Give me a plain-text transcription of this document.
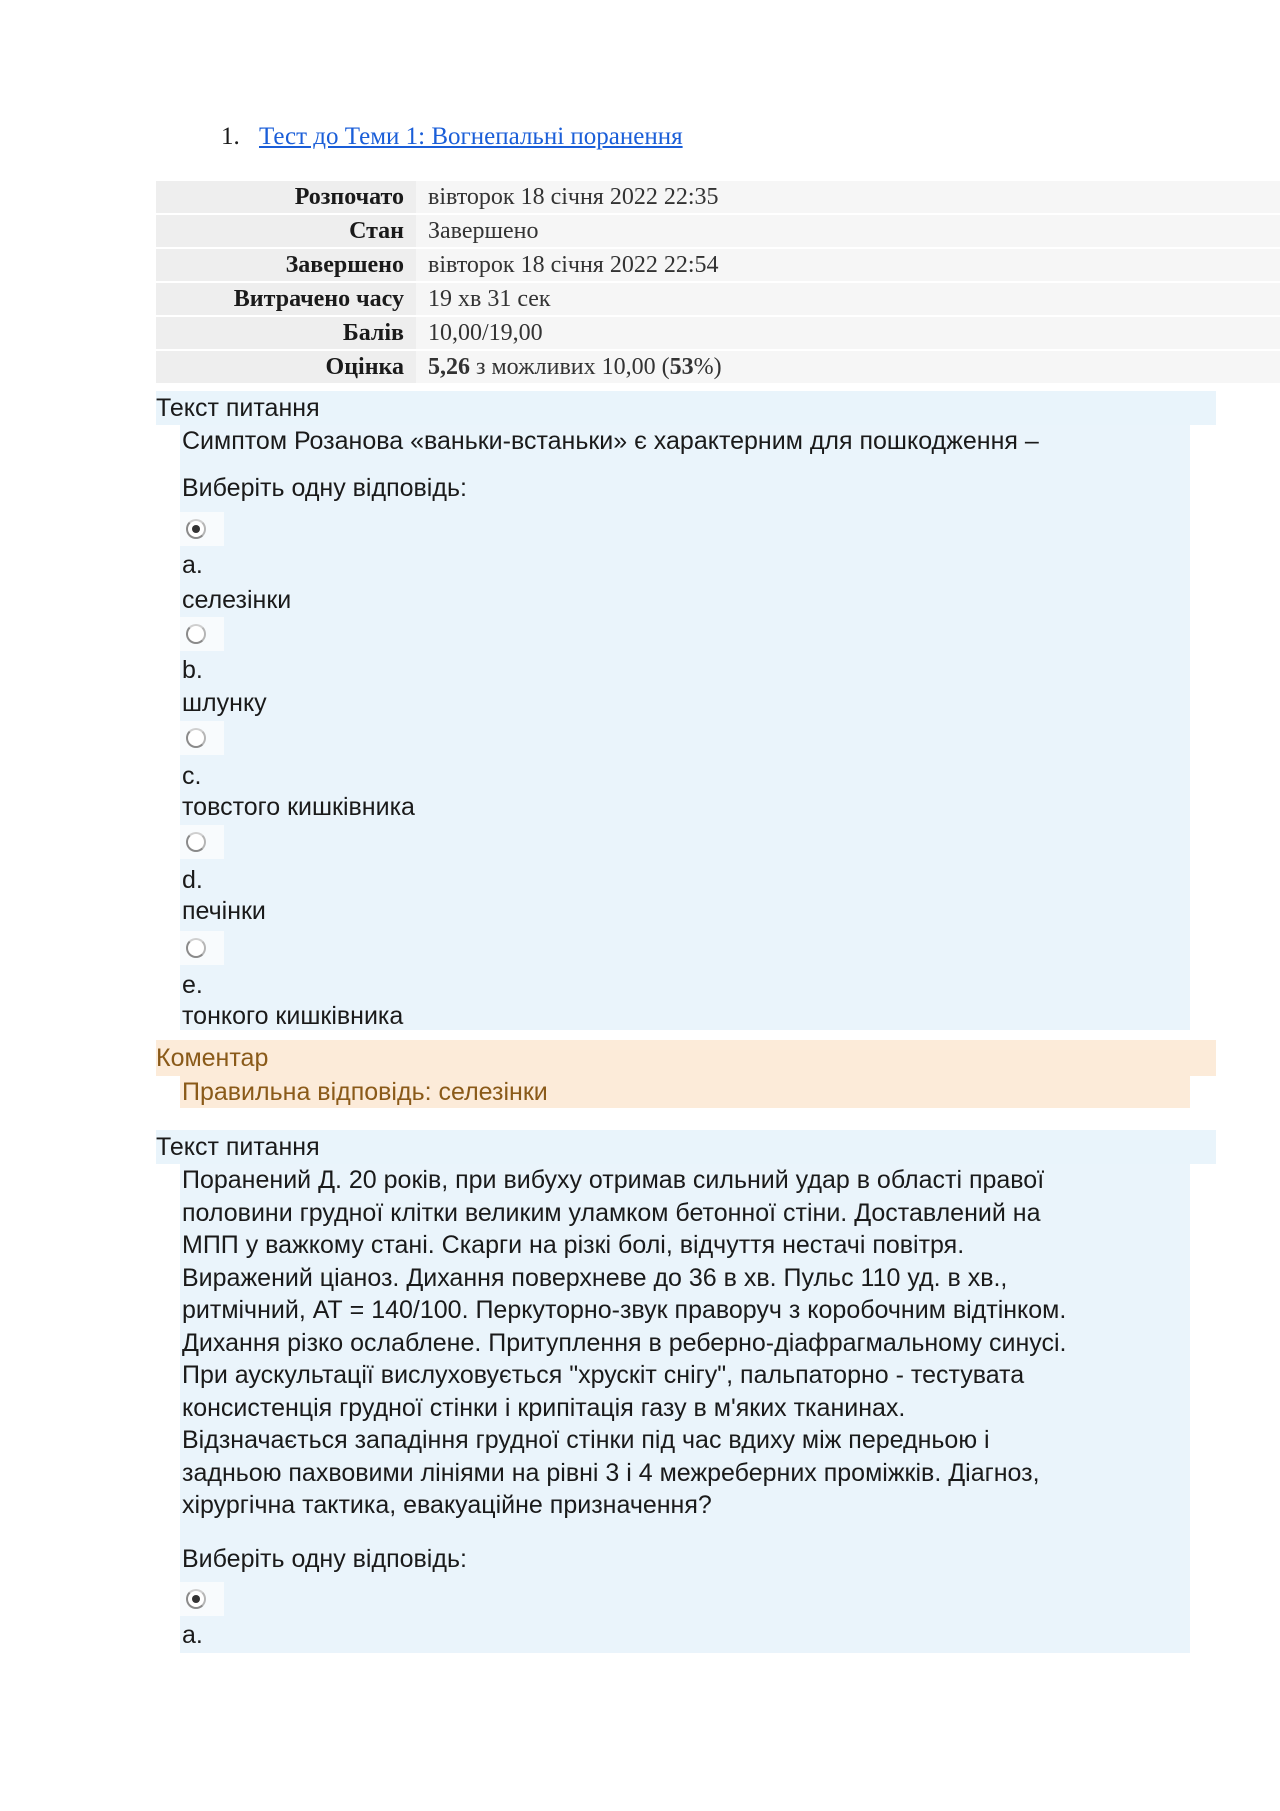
1. Тест до Теми 1: Вогнепальні поранення
Розпочато	вівторок 18 січня 2022 22:35
Стан	Завершено
Завершено	вівторок 18 січня 2022 22:54
Витрачено часу	19 хв 31 сек
Балів	10,00/19,00
Оцінка	5,26 з можливих 10,00 (53%)
Текст питання
Симптом Розанова «ваньки-встаньки» є характерним для пошкодження –
Виберіть одну відповідь:
a.
селезінки
b.
шлунку
c.
товстого кишківника
d.
печінки
e.
тонкого кишківника
Коментар
Правильна відповідь: селезінки
Текст питання
Поранений Д. 20 років, при вибуху отримав сильний удар в області правої
половини грудної клітки великим уламком бетонної стіни. Доставлений на
МПП у важкому стані. Скарги на різкі болі, відчуття нестачі повітря.
Виражений ціаноз. Дихання поверхневе до 36 в хв. Пульс 110 уд. в хв.,
ритмічний, АТ = 140/100. Перкуторно-звук праворуч з коробочним відтінком.
Дихання різко ослаблене. Притуплення в реберно-діафрагмальному синусі.
При аускультації вислуховується "хрускіт снігу", пальпаторно - тестувата
консистенція грудної стінки і крипітація газу в м'яких тканинах.
Відзначається западіння грудної стінки під час вдиху між передньою і
задньою пахвовими лініями на рівні 3 і 4 межреберних проміжків. Діагноз,
хірургічна тактика, евакуаційне призначення?
Виберіть одну відповідь:
a.
